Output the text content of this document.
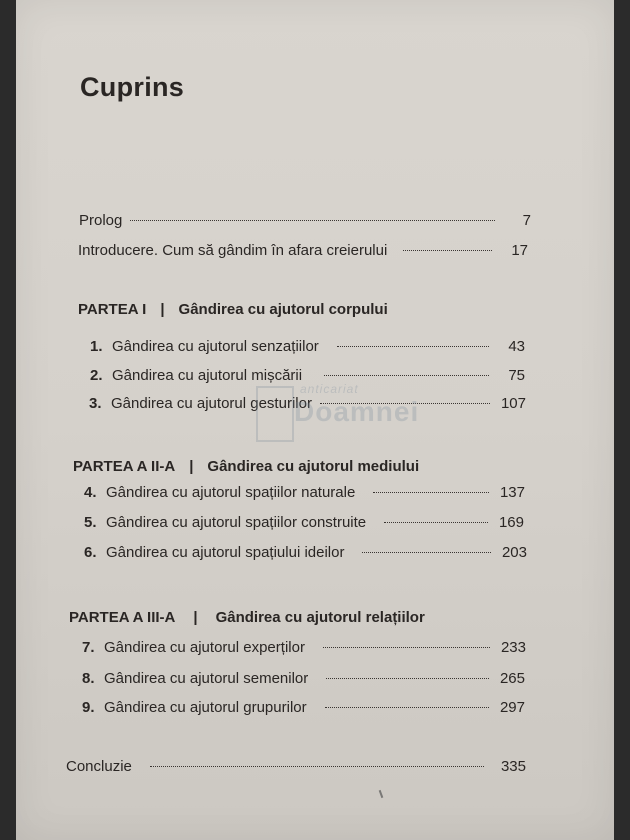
Cuprins
Prolog	7
Introducere. Cum să gândim în afara creierului	17
PARTEA I | Gândirea cu ajutorul corpului
1. Gândirea cu ajutorul senzațiilor	43
2. Gândirea cu ajutorul mișcării	75
3. Gândirea cu ajutorul gesturilor	107
PARTEA A II-A | Gândirea cu ajutorul mediului
4. Gândirea cu ajutorul spațiilor naturale	137
5. Gândirea cu ajutorul spațiilor construite	169
6. Gândirea cu ajutorul spațiului ideilor	203
PARTEA A III-A | Gândirea cu ajutorul relațiilor
7. Gândirea cu ajutorul experților	233
8. Gândirea cu ajutorul semenilor	265
9. Gândirea cu ajutorul grupurilor	297
Concluzie	335
anticariat
Doamnei
